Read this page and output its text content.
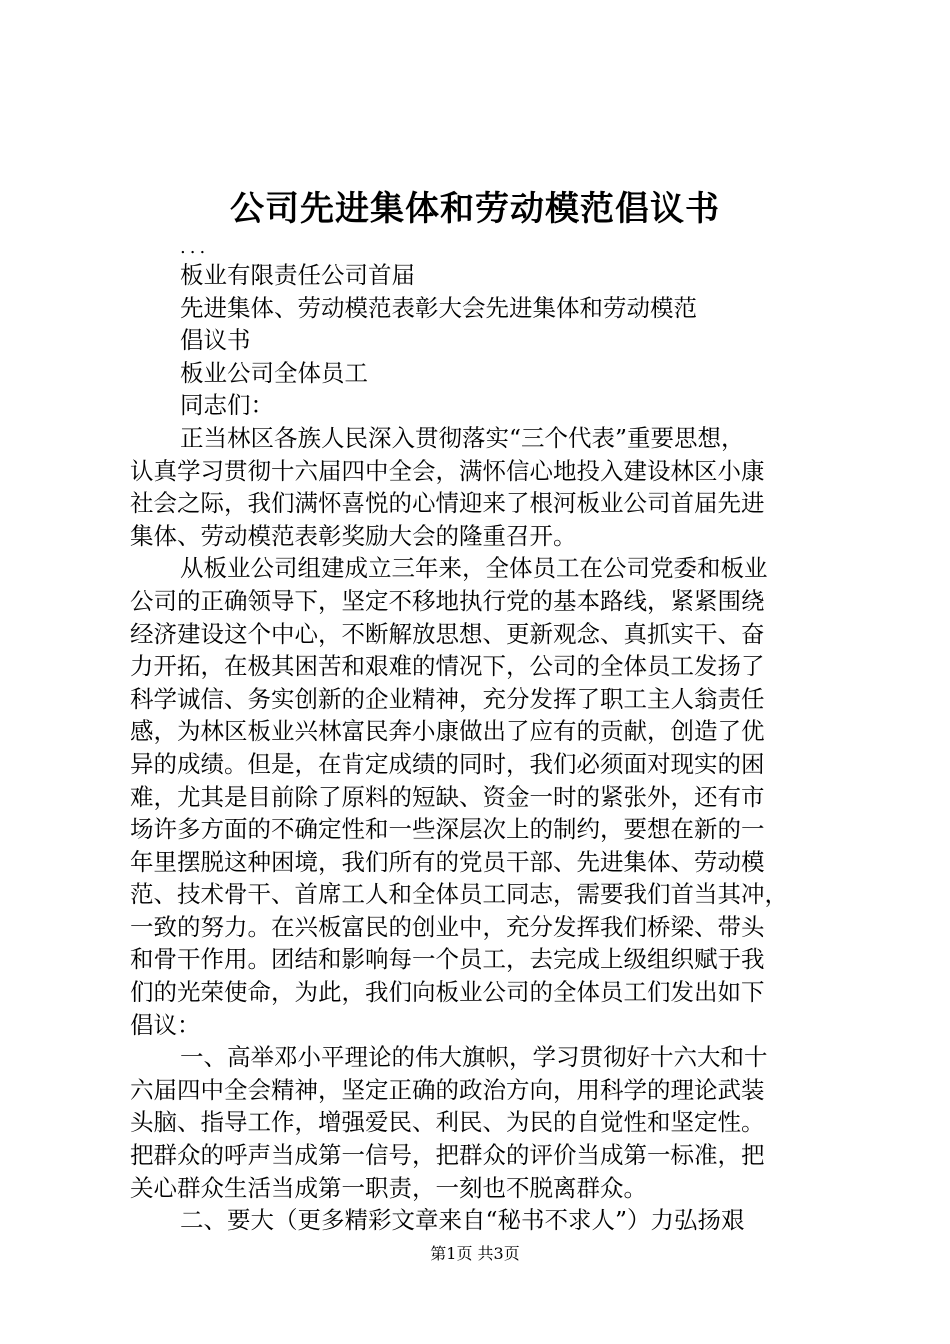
公司先进集体和劳动模范倡议书
...
板业有限责任公司首届
先进集体、劳动模范表彰大会先进集体和劳动模范
倡议书
板业公司全体员工
同志们：
正当林区各族人民深入贯彻落实“三个代表”重要思想，
认真学习贯彻十六届四中全会，满怀信心地投入建设林区小康
社会之际，我们满怀喜悦的心情迎来了根河板业公司首届先进
集体、劳动模范表彰奖励大会的隆重召开。
从板业公司组建成立三年来，全体员工在公司党委和板业
公司的正确领导下，坚定不移地执行党的基本路线，紧紧围绕
经济建设这个中心，不断解放思想、更新观念、真抓实干、奋
力开拓，在极其困苦和艰难的情况下，公司的全体员工发扬了
科学诚信、务实创新的企业精神，充分发挥了职工主人翁责任
感，为林区板业兴林富民奔小康做出了应有的贡献，创造了优
异的成绩。但是，在肯定成绩的同时，我们必须面对现实的困
难，尤其是目前除了原料的短缺、资金一时的紧张外，还有市
场许多方面的不确定性和一些深层次上的制约，要想在新的一
年里摆脱这种困境，我们所有的党员干部、先进集体、劳动模
范、技术骨干、首席工人和全体员工同志，需要我们首当其冲，
一致的努力。在兴板富民的创业中，充分发挥我们桥梁、带头
和骨干作用。团结和影响每一个员工，去完成上级组织赋于我
们的光荣使命，为此，我们向板业公司的全体员工们发出如下
倡议：
一、高举邓小平理论的伟大旗帜，学习贯彻好十六大和十
六届四中全会精神，坚定正确的政治方向，用科学的理论武装
头脑、指导工作，增强爱民、利民、为民的自觉性和坚定性。
把群众的呼声当成第一信号，把群众的评价当成第一标准，把
关心群众生活当成第一职责，一刻也不脱离群众。
二、要大（更多精彩文章来自“秘书不求人”）力弘扬艰
第1页 共3页
